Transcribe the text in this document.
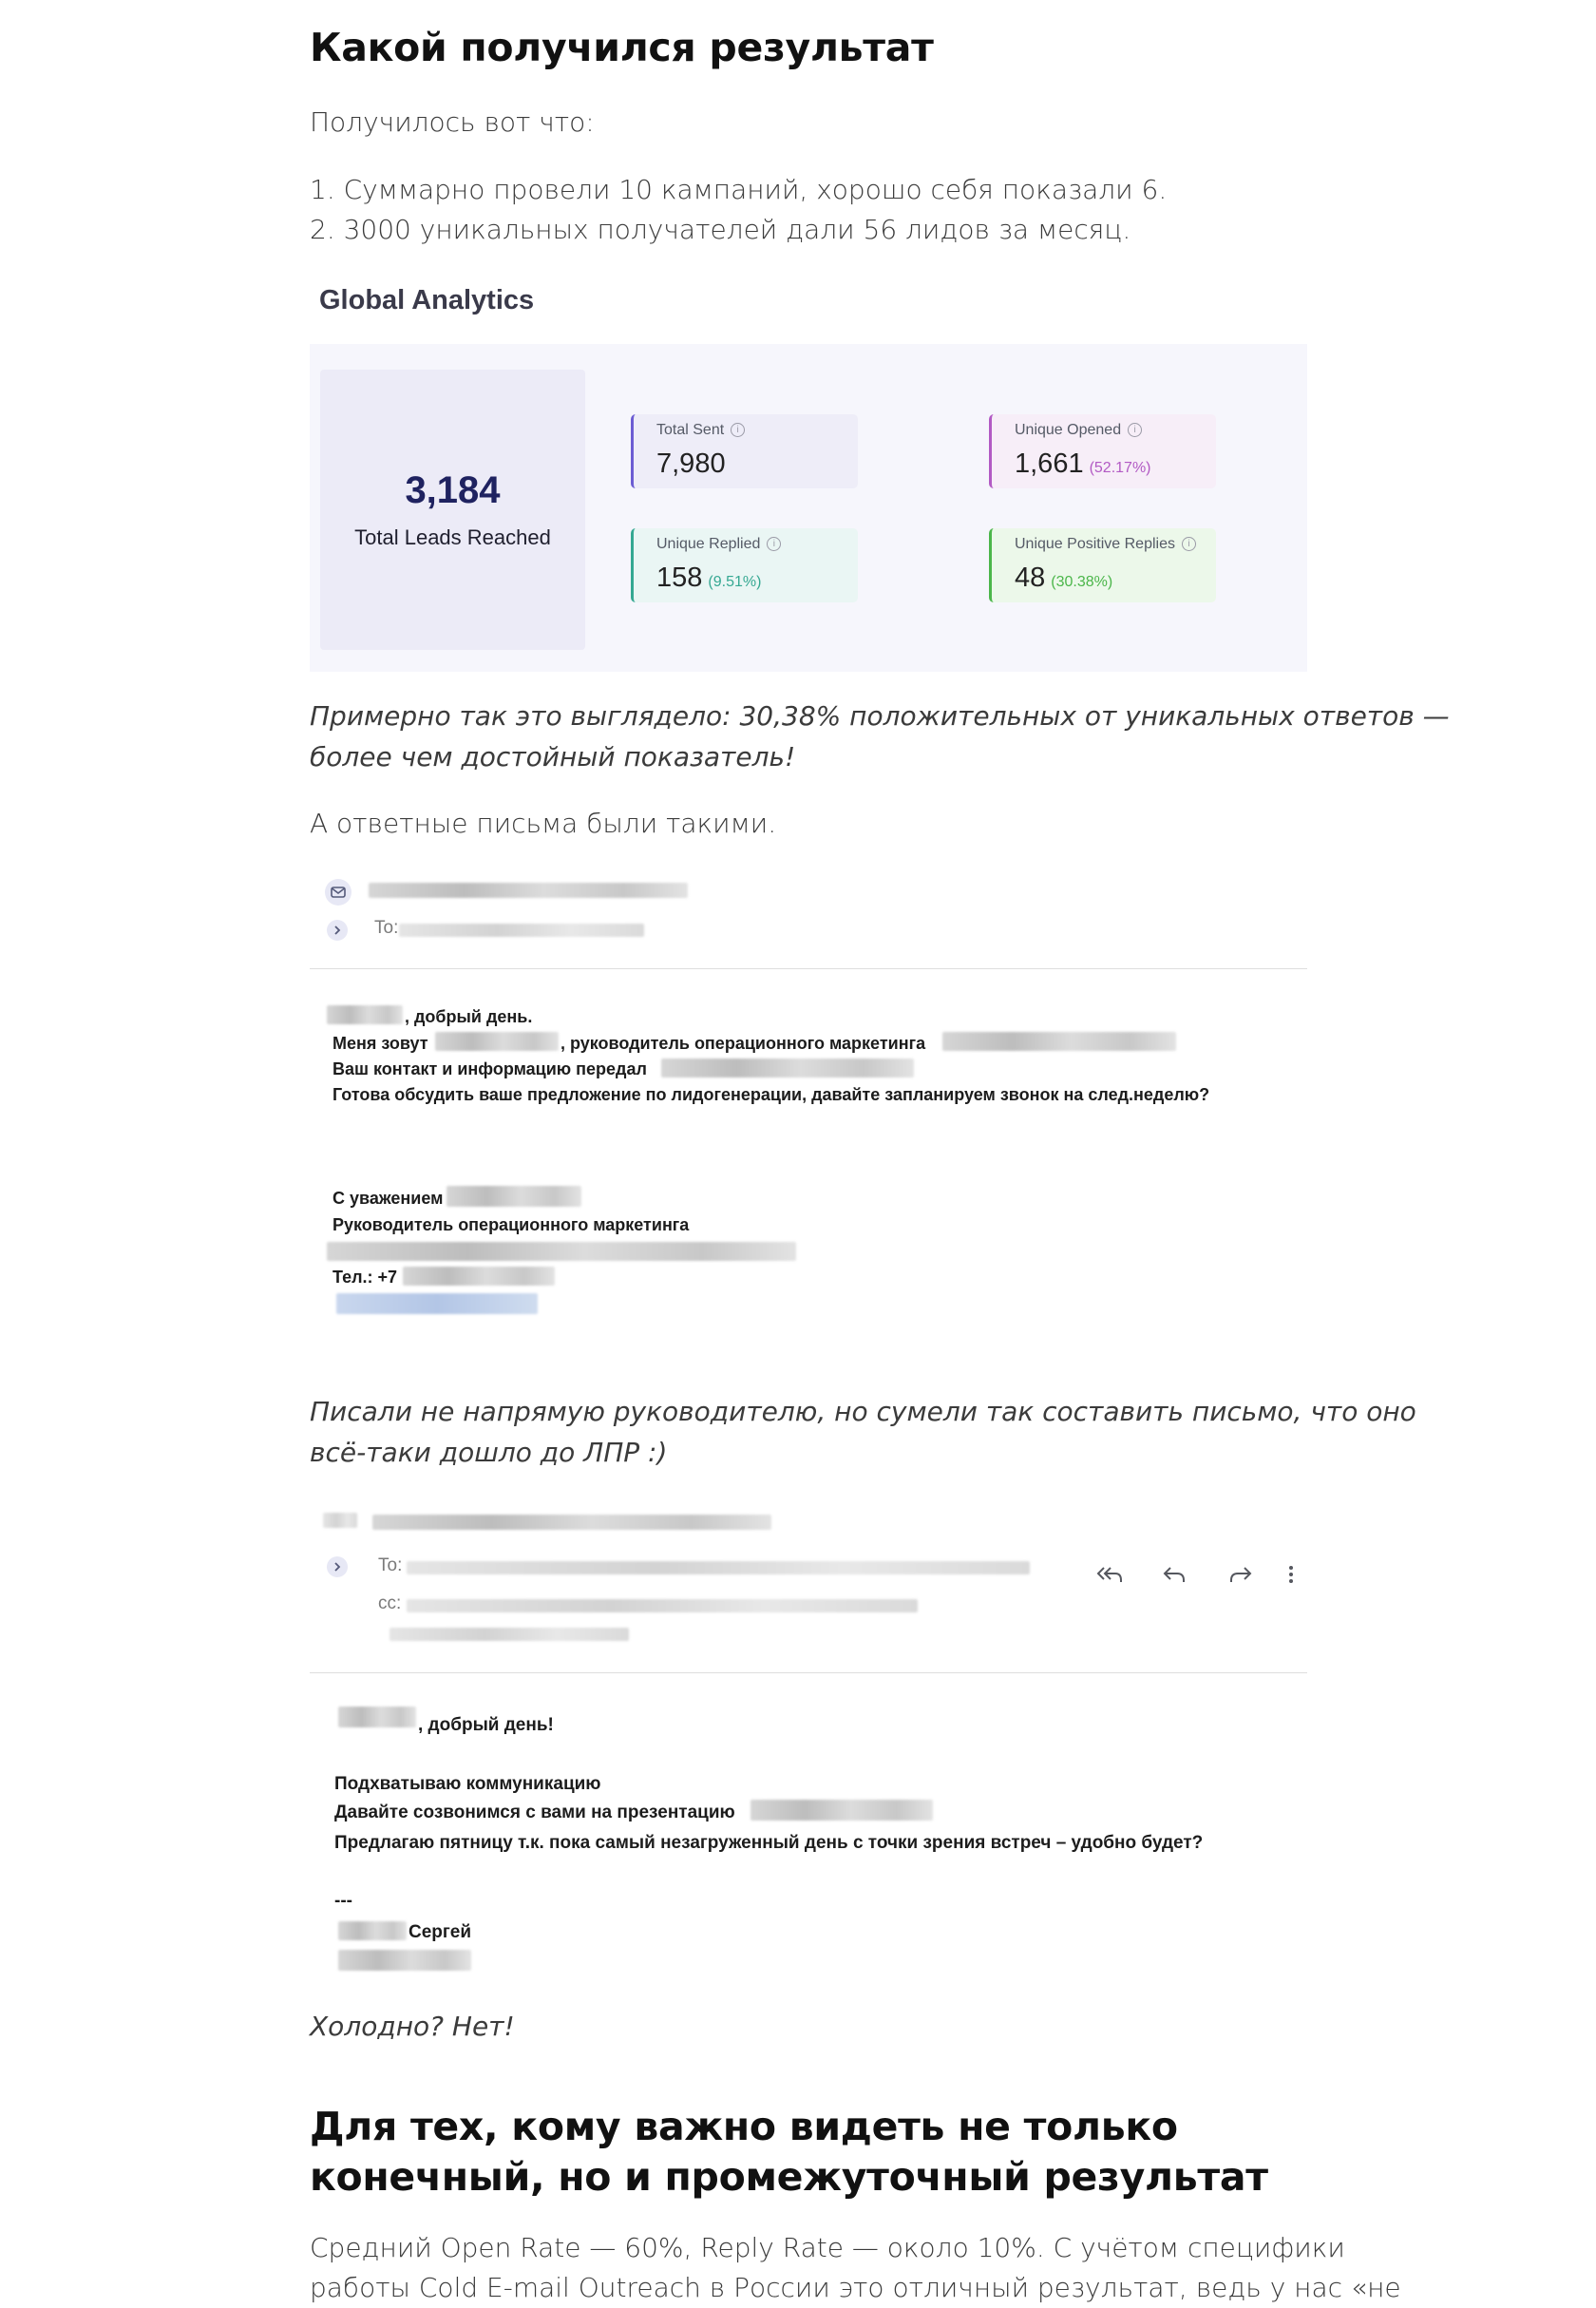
Какой получился результат
Получилось вот что:
1. Суммарно провели 10 кампаний, хорошо себя показали 6.
2. 3000 уникальных получателей дали 56 лидов за месяц.
Global Analytics
3,184
Total Leads Reached
Total Sent i
7,980
Unique Opened i
1,661 (52.17%)
Unique Replied i
158 (9.51%)
Unique Positive Replies i
48 (30.38%)
Примерно так это выглядело: 30,38% положительных от уникальных ответов —
более чем достойный показатель!
А ответные письма были такими.
To:
, добрый день.
Меня зовут	, руководитель операционного маркетинга
Ваш контакт и информацию передал
Готова обсудить ваше предложение по лидогенерации, давайте запланируем звонок на след.неделю?
С уважением
Руководитель операционного маркетинга
Тел.: +7
Писали не напрямую руководителю, но сумели так составить письмо, что оно
всё-таки дошло до ЛПР :)
To:
cc:
, добрый день!
Подхватываю коммуникацию
Давайте созвонимся с вами на презентацию
Предлагаю пятницу т.к. пока самый незагруженный день с точки зрения встреч – удобно будет?
---
Сергей
Холодно? Нет!
Для тех, кому важно видеть не только
конечный, но и промежуточный результат
Средний Open Rate — 60%, Reply Rate — около 10%. С учётом специфики
работы Cold E-mail Outreach в России это отличный результат, ведь у нас «не
